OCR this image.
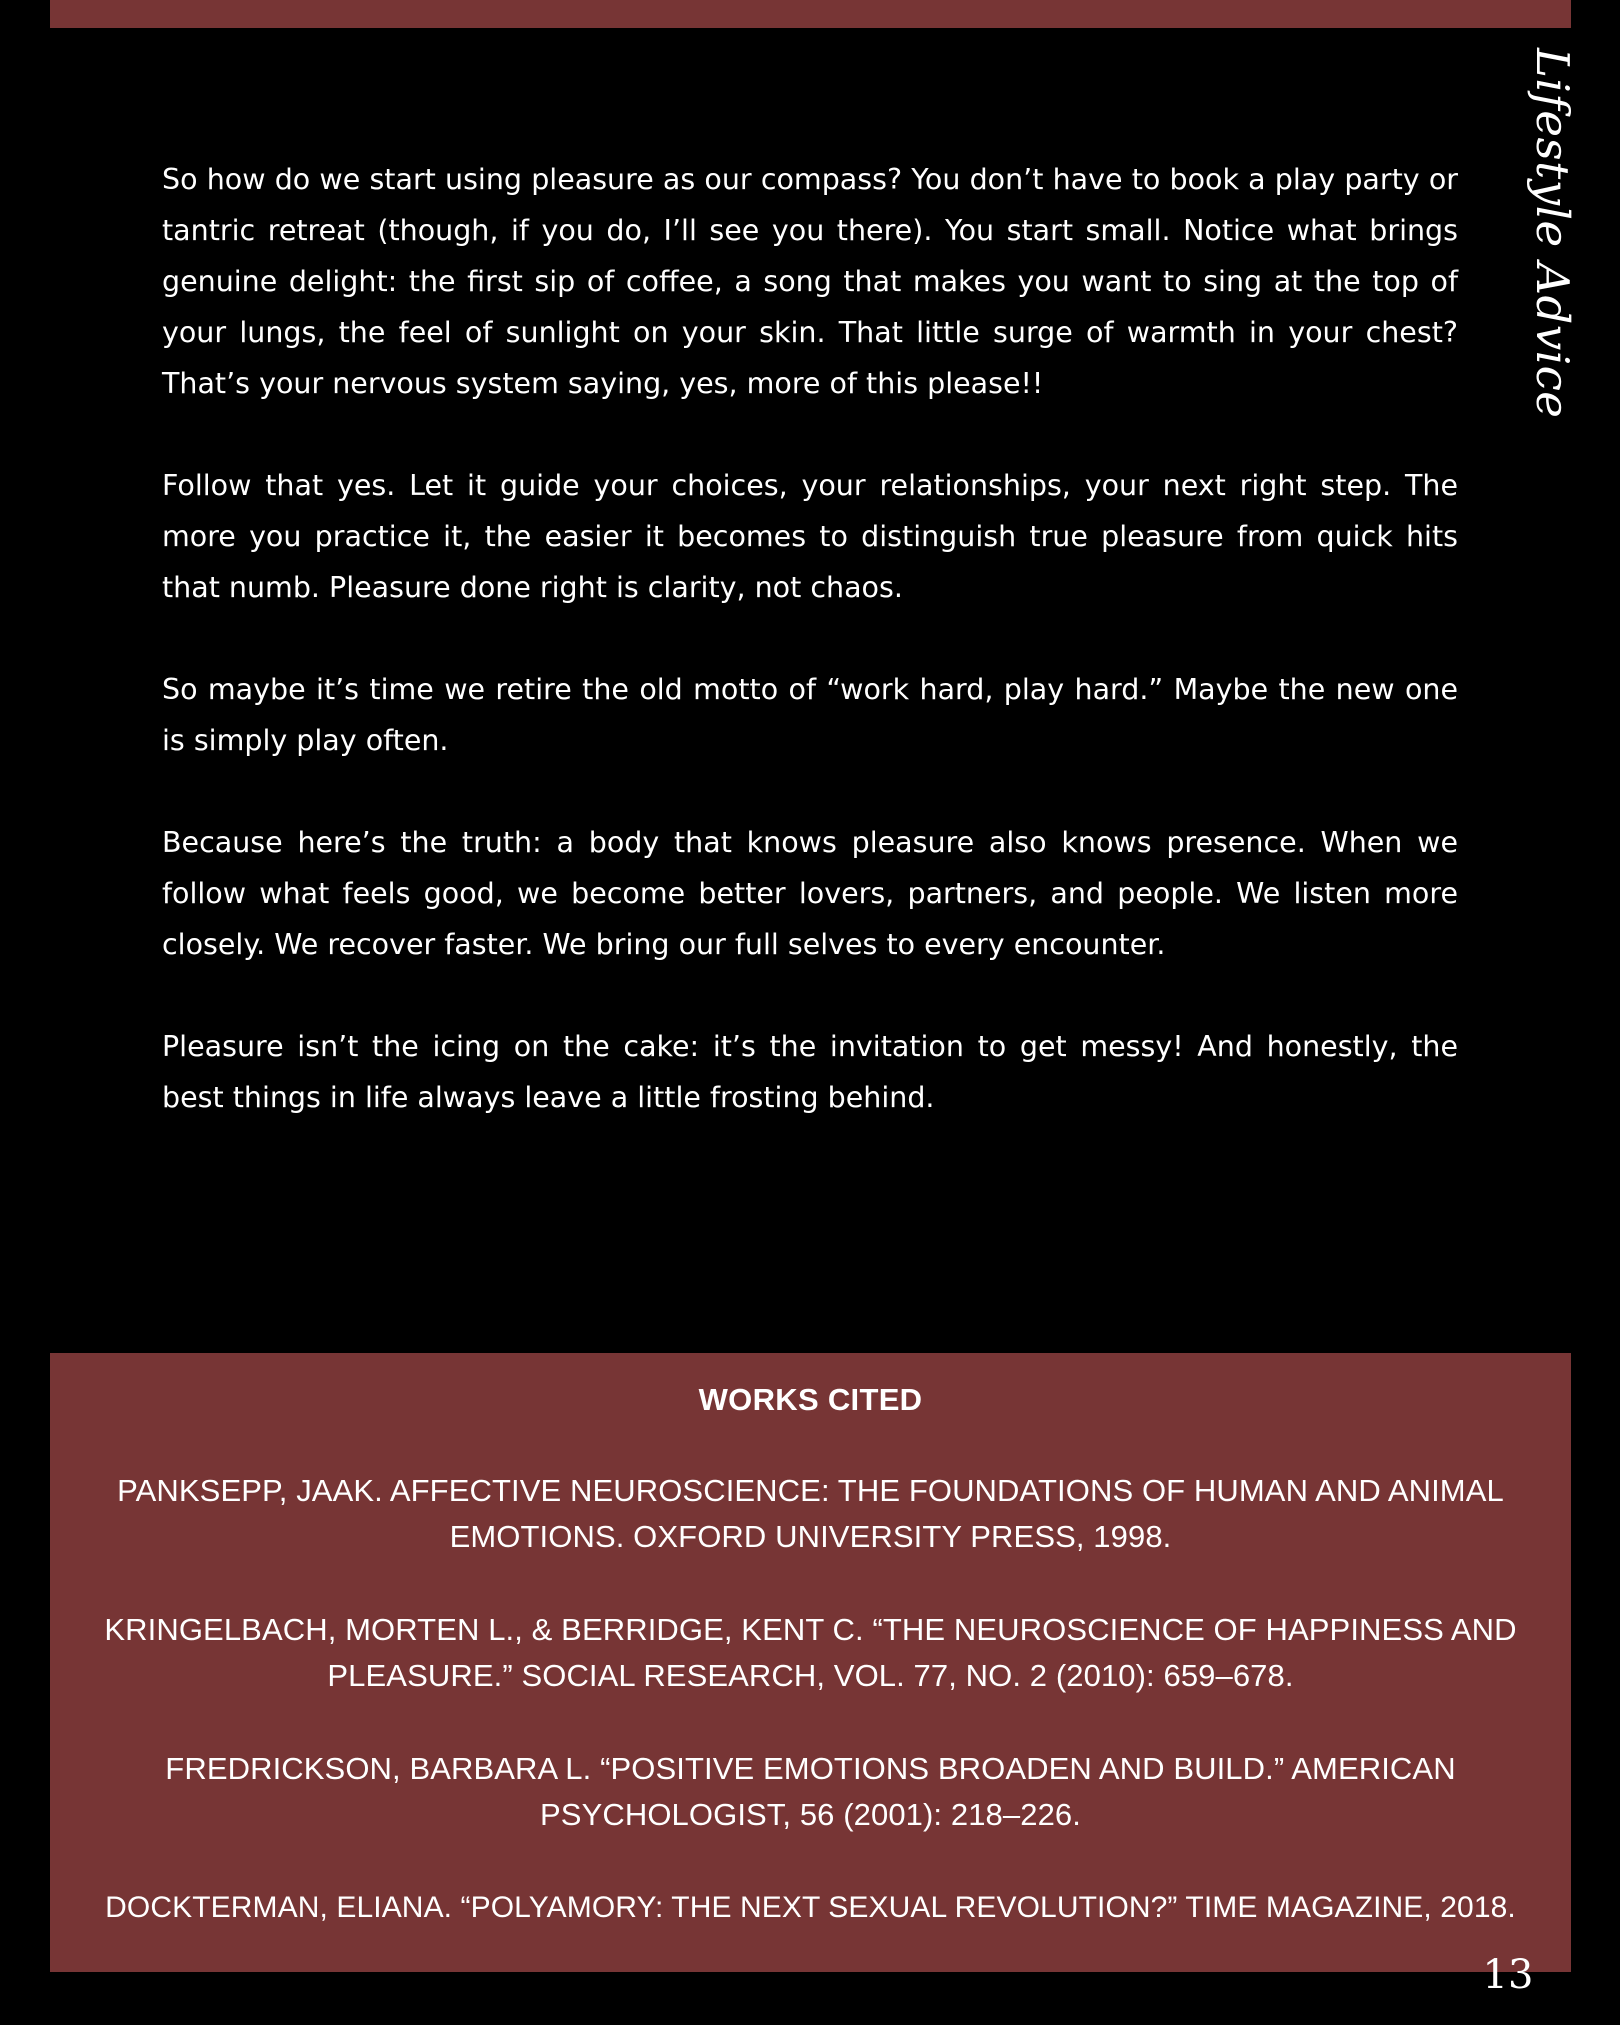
Lifestyle Advice

So how do we start using pleasure as our compass? You don’t have to book a play party or tantric retreat (though, if you do, I’ll see you there). You start small. Notice what brings genuine delight: the first sip of coffee, a song that makes you want to sing at the top of your lungs, the feel of sunlight on your skin. That little surge of warmth in your chest? That’s your nervous system saying, yes, more of this please!!

Follow that yes. Let it guide your choices, your relationships, your next right step. The more you practice it, the easier it becomes to distinguish true pleasure from quick hits that numb. Pleasure done right is clarity, not chaos.

So maybe it’s time we retire the old motto of “work hard, play hard.” Maybe the new one is simply play often.

Because here’s the truth: a body that knows pleasure also knows presence. When we follow what feels good, we become better lovers, partners, and people. We listen more closely. We recover faster. We bring our full selves to every encounter.

Pleasure isn’t the icing on the cake: it’s the invitation to get messy! And honestly, the best things in life always leave a little frosting behind.

WORKS CITED

PANKSEPP, JAAK. AFFECTIVE NEUROSCIENCE: THE FOUNDATIONS OF HUMAN AND ANIMAL
EMOTIONS. OXFORD UNIVERSITY PRESS, 1998.

KRINGELBACH, MORTEN L., & BERRIDGE, KENT C. “THE NEUROSCIENCE OF HAPPINESS AND
PLEASURE.” SOCIAL RESEARCH, VOL. 77, NO. 2 (2010): 659–678.

FREDRICKSON, BARBARA L. “POSITIVE EMOTIONS BROADEN AND BUILD.” AMERICAN
PSYCHOLOGIST, 56 (2001): 218–226.

DOCKTERMAN, ELIANA. “POLYAMORY: THE NEXT SEXUAL REVOLUTION?” TIME MAGAZINE, 2018.

13
